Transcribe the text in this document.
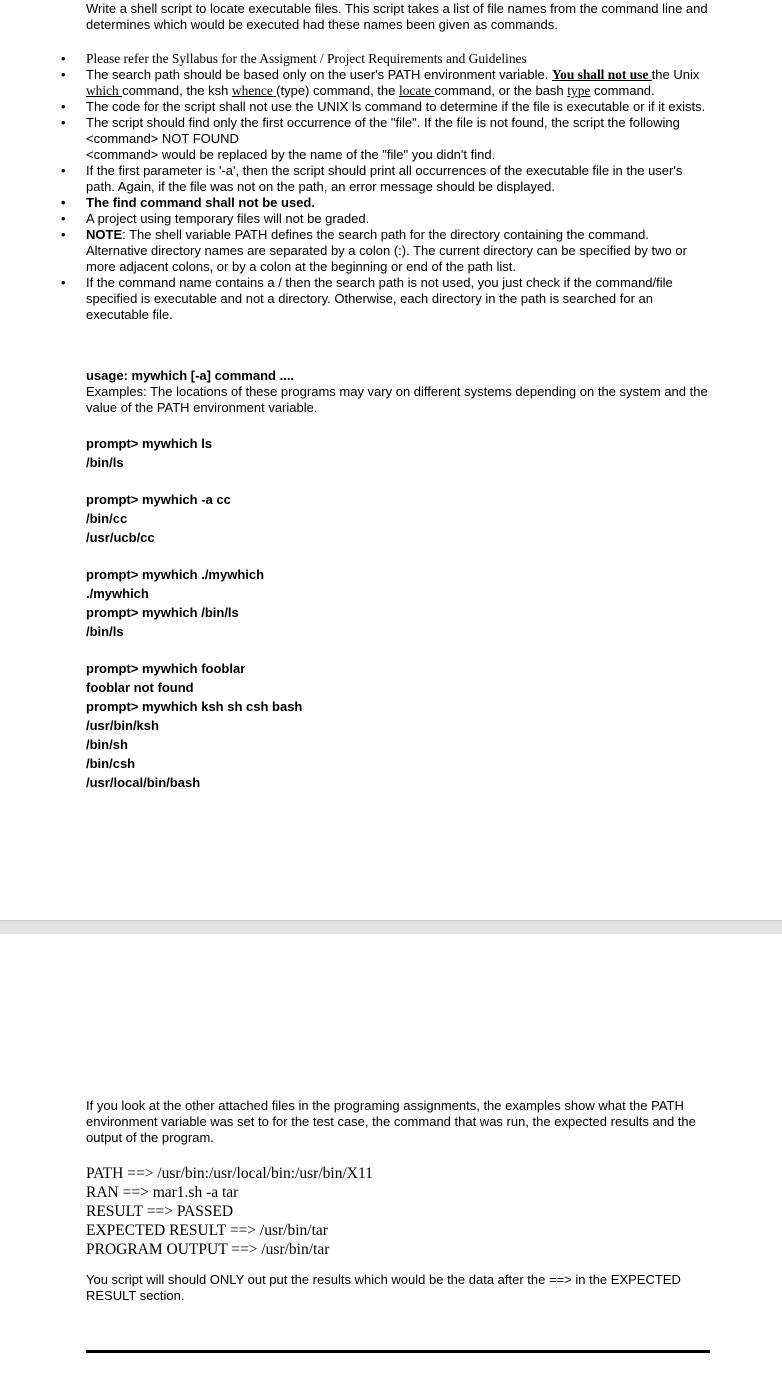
Write a shell script to locate executable files. This script takes a list of file names from the command line and determines which would be executed had these names been given as commands.
• Please refer the Syllabus for the Assigment / Project Requirements and Guidelines
• The search path should be based only on the user's PATH environment variable. You shall not use the Unix which command, the ksh whence (type) command, the locate command, or the bash type command.
• The code for the script shall not use the UNIX ls command to determine if the file is executable or if it exists.
• The script should find only the first occurrence of the "file". If the file is not found, the script the following
<command> NOT FOUND
<command> would be replaced by the name of the "file" you didn't find.
• If the first parameter is '-a', then the script should print all occurrences of the executable file in the user's path. Again, if the file was not on the path, an error message should be displayed.
• The find command shall not be used.
• A project using temporary files will not be graded.
• NOTE: The shell variable PATH defines the search path for the directory containing the command. Alternative directory names are separated by a colon (:). The current directory can be specified by two or more adjacent colons, or by a colon at the beginning or end of the path list.
• If the command name contains a / then the search path is not used, you just check if the command/file specified is executable and not a directory. Otherwise, each directory in the path is searched for an executable file.
usage: mywhich [-a] command ....
Examples: The locations of these programs may vary on different systems depending on the system and the value of the PATH environment variable.
prompt> mywhich ls
/bin/ls
prompt> mywhich -a cc
/bin/cc
/usr/ucb/cc
prompt> mywhich ./mywhich
./mywhich
prompt> mywhich /bin/ls
/bin/ls
prompt> mywhich fooblar
fooblar not found
prompt> mywhich ksh sh csh bash
/usr/bin/ksh
/bin/sh
/bin/csh
/usr/local/bin/bash
If you look at the other attached files in the programing assignments, the examples show what the PATH environment variable was set to for the test case, the command that was run, the expected results and the output of the program.
PATH ==> /usr/bin:/usr/local/bin:/usr/bin/X11
RAN ==> mar1.sh -a tar
RESULT ==> PASSED
EXPECTED RESULT ==> /usr/bin/tar
PROGRAM OUTPUT ==> /usr/bin/tar
You script will should ONLY out put the results which would be the data after the ==> in the EXPECTED RESULT section.
